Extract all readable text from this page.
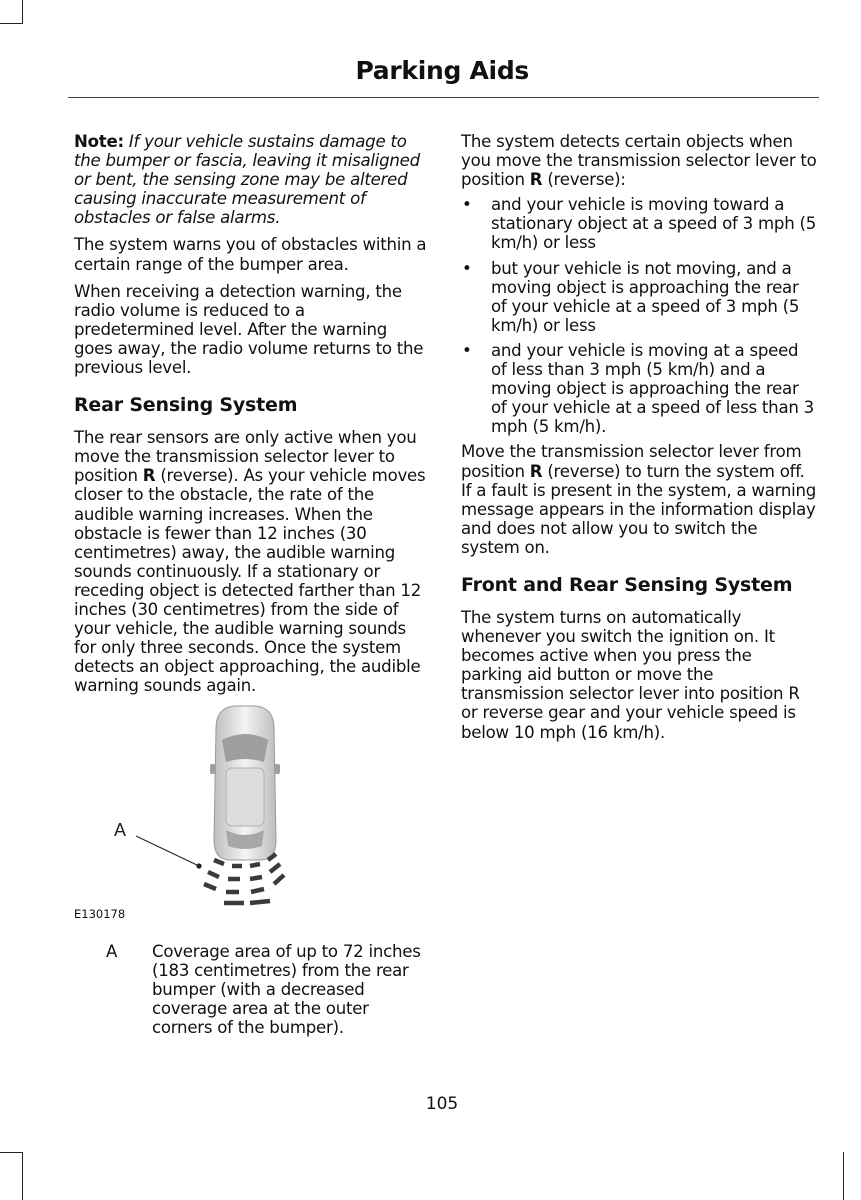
Parking Aids

Note: If your vehicle sustains damage to the bumper or fascia, leaving it misaligned or bent, the sensing zone may be altered causing inaccurate measurement of obstacles or false alarms.

The system warns you of obstacles within a certain range of the bumper area.

When receiving a detection warning, the radio volume is reduced to a predetermined level. After the warning goes away, the radio volume returns to the previous level.

Rear Sensing System

The rear sensors are only active when you move the transmission selector lever to position R (reverse). As your vehicle moves closer to the obstacle, the rate of the audible warning increases. When the obstacle is fewer than 12 inches (30 centimetres) away, the audible warning sounds continuously. If a stationary or receding object is detected farther than 12 inches (30 centimetres) from the side of your vehicle, the audible warning sounds for only three seconds. Once the system detects an object approaching, the audible warning sounds again.

A
E130178
A Coverage area of up to 72 inches (183 centimetres) from the rear bumper (with a decreased coverage area at the outer corners of the bumper).

The system detects certain objects when you move the transmission selector lever to position R (reverse):

• and your vehicle is moving toward a stationary object at a speed of 3 mph (5 km/h) or less
• but your vehicle is not moving, and a moving object is approaching the rear of your vehicle at a speed of 3 mph (5 km/h) or less
• and your vehicle is moving at a speed of less than 3 mph (5 km/h) and a moving object is approaching the rear of your vehicle at a speed of less than 3 mph (5 km/h).

Move the transmission selector lever from position R (reverse) to turn the system off. If a fault is present in the system, a warning message appears in the information display and does not allow you to switch the system on.

Front and Rear Sensing System

The system turns on automatically whenever you switch the ignition on. It becomes active when you press the parking aid button or move the transmission selector lever into position R or reverse gear and your vehicle speed is below 10 mph (16 km/h).

105
